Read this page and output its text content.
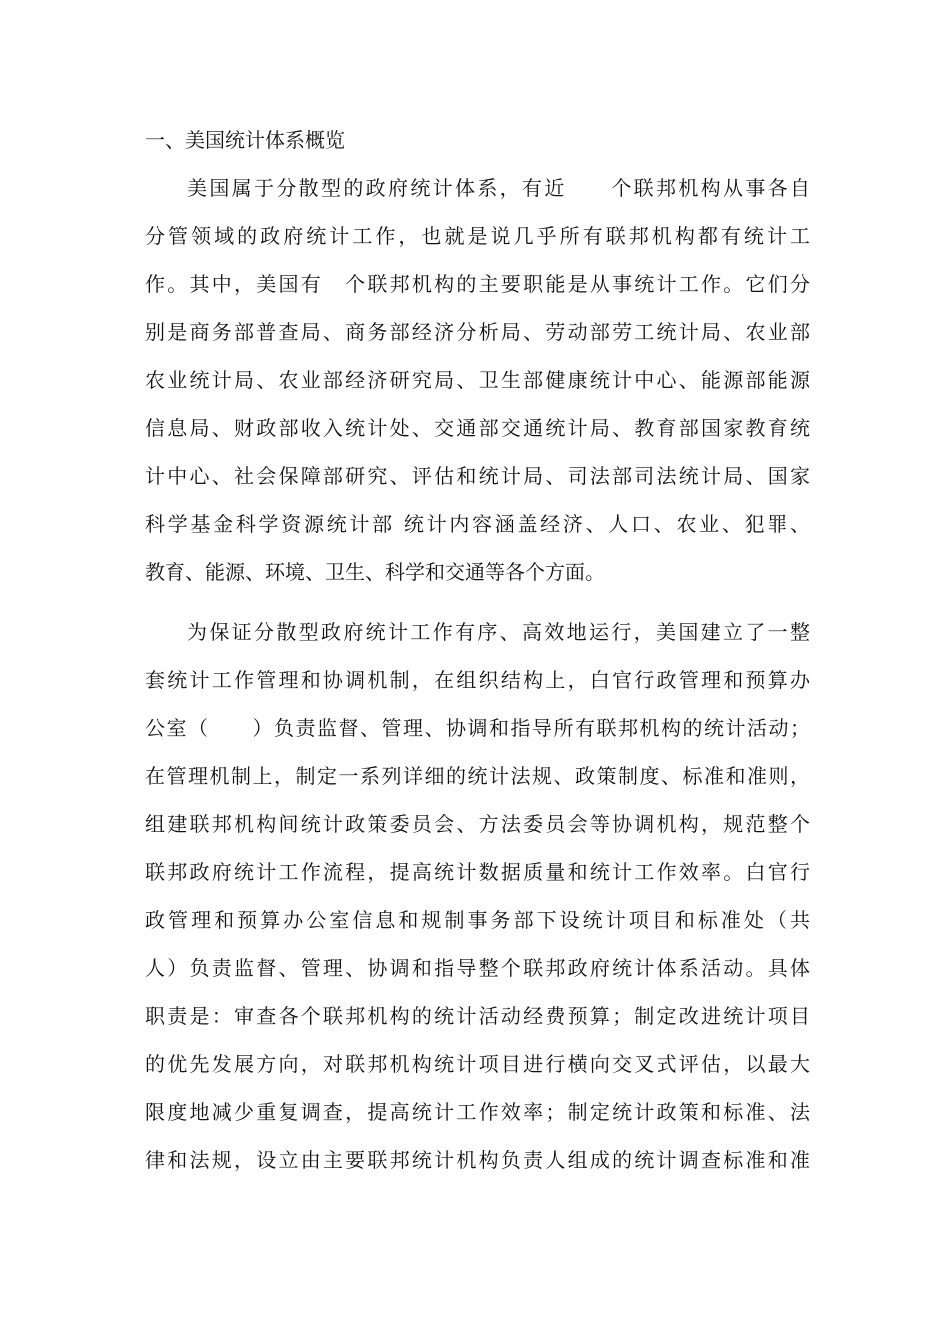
一、美国统计体系概览
美国属于分散型的政府统计体系，有近　　个联邦机构从事各自
分管领域的政府统计工作，也就是说几乎所有联邦机构都有统计工
作。其中，美国有　个联邦机构的主要职能是从事统计工作。它们分
别是商务部普查局、商务部经济分析局、劳动部劳工统计局、农业部
农业统计局、农业部经济研究局、卫生部健康统计中心、能源部能源
信息局、财政部收入统计处、交通部交通统计局、教育部国家教育统
计中心、社会保障部研究、评估和统计局、司法部司法统计局、国家
科学基金科学资源统计部 统计内容涵盖经济、人口、农业、犯罪、
教育、能源、环境、卫生、科学和交通等各个方面。
为保证分散型政府统计工作有序、高效地运行，美国建立了一整
套统计工作管理和协调机制，在组织结构上，白官行政管理和预算办
公室（　　）负责监督、管理、协调和指导所有联邦机构的统计活动；
在管理机制上，制定一系列详细的统计法规、政策制度、标准和准则，
组建联邦机构间统计政策委员会、方法委员会等协调机构，规范整个
联邦政府统计工作流程，提高统计数据质量和统计工作效率。白官行
政管理和预算办公室信息和规制事务部下设统计项目和标准处（共
人）负责监督、管理、协调和指导整个联邦政府统计体系活动。具体
职责是：审查各个联邦机构的统计活动经费预算；制定改进统计项目
的优先发展方向，对联邦机构统计项目进行横向交叉式评估，以最大
限度地减少重复调查，提高统计工作效率；制定统计政策和标准、法
律和法规，设立由主要联邦统计机构负责人组成的统计调查标准和准
